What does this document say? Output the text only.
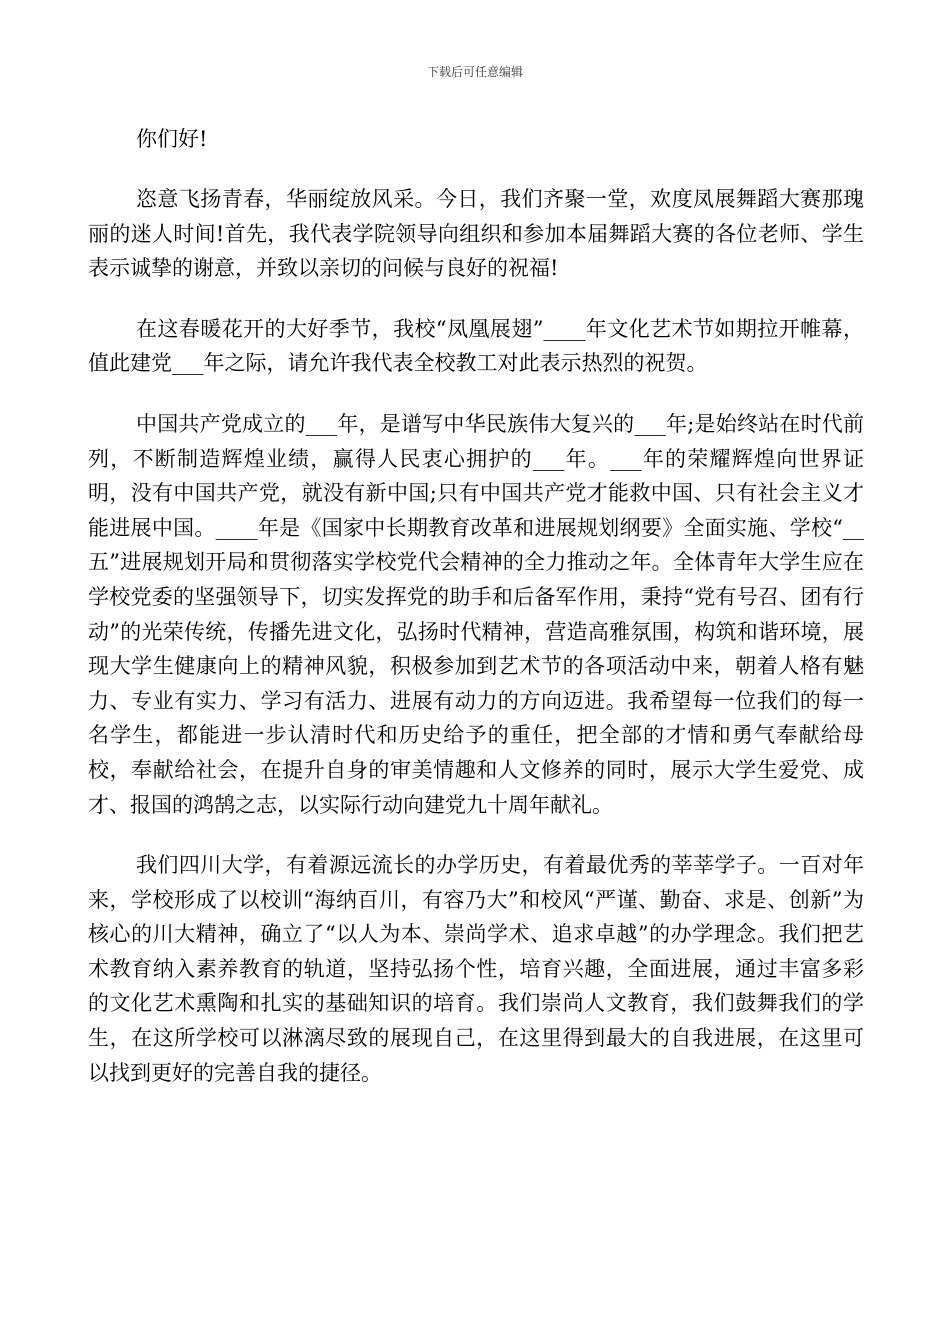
下载后可任意编辑

你们好!

恣意飞扬青春，华丽绽放风采。今日，我们齐聚一堂，欢度凤展舞蹈大赛那瑰丽的迷人时间!首先，我代表学院领导向组织和参加本届舞蹈大赛的各位老师、学生表示诚挚的谢意，并致以亲切的问候与良好的祝福!

在这春暖花开的大好季节，我校“凤凰展翅”____年文化艺术节如期拉开帷幕，值此建党___年之际，请允许我代表全校教工对此表示热烈的祝贺。

中国共产党成立的___年，是谱写中华民族伟大复兴的___年;是始终站在时代前列，不断制造辉煌业绩，赢得人民衷心拥护的___年。___年的荣耀辉煌向世界证明，没有中国共产党，就没有新中国;只有中国共产党才能救中国、只有社会主义才能进展中国。____年是《国家中长期教育改革和进展规划纲要》全面实施、学校“__五”进展规划开局和贯彻落实学校党代会精神的全力推动之年。全体青年大学生应在学校党委的坚强领导下，切实发挥党的助手和后备军作用，秉持“党有号召、团有行动”的光荣传统，传播先进文化，弘扬时代精神，营造高雅氛围，构筑和谐环境，展现大学生健康向上的精神风貌，积极参加到艺术节的各项活动中来，朝着人格有魅力、专业有实力、学习有活力、进展有动力的方向迈进。我希望每一位我们的每一名学生，都能进一步认清时代和历史给予的重任，把全部的才情和勇气奉献给母校，奉献给社会，在提升自身的审美情趣和人文修养的同时，展示大学生爱党、成才、报国的鸿鹄之志，以实际行动向建党九十周年献礼。

我们四川大学，有着源远流长的办学历史，有着最优秀的莘莘学子。一百对年来，学校形成了以校训“海纳百川，有容乃大”和校风“严谨、勤奋、求是、创新”为核心的川大精神，确立了“以人为本、崇尚学术、追求卓越”的办学理念。我们把艺术教育纳入素养教育的轨道，坚持弘扬个性，培育兴趣，全面进展，通过丰富多彩的文化艺术熏陶和扎实的基础知识的培育。我们崇尚人文教育，我们鼓舞我们的学生，在这所学校可以淋漓尽致的展现自己，在这里得到最大的自我进展，在这里可以找到更好的完善自我的捷径。
